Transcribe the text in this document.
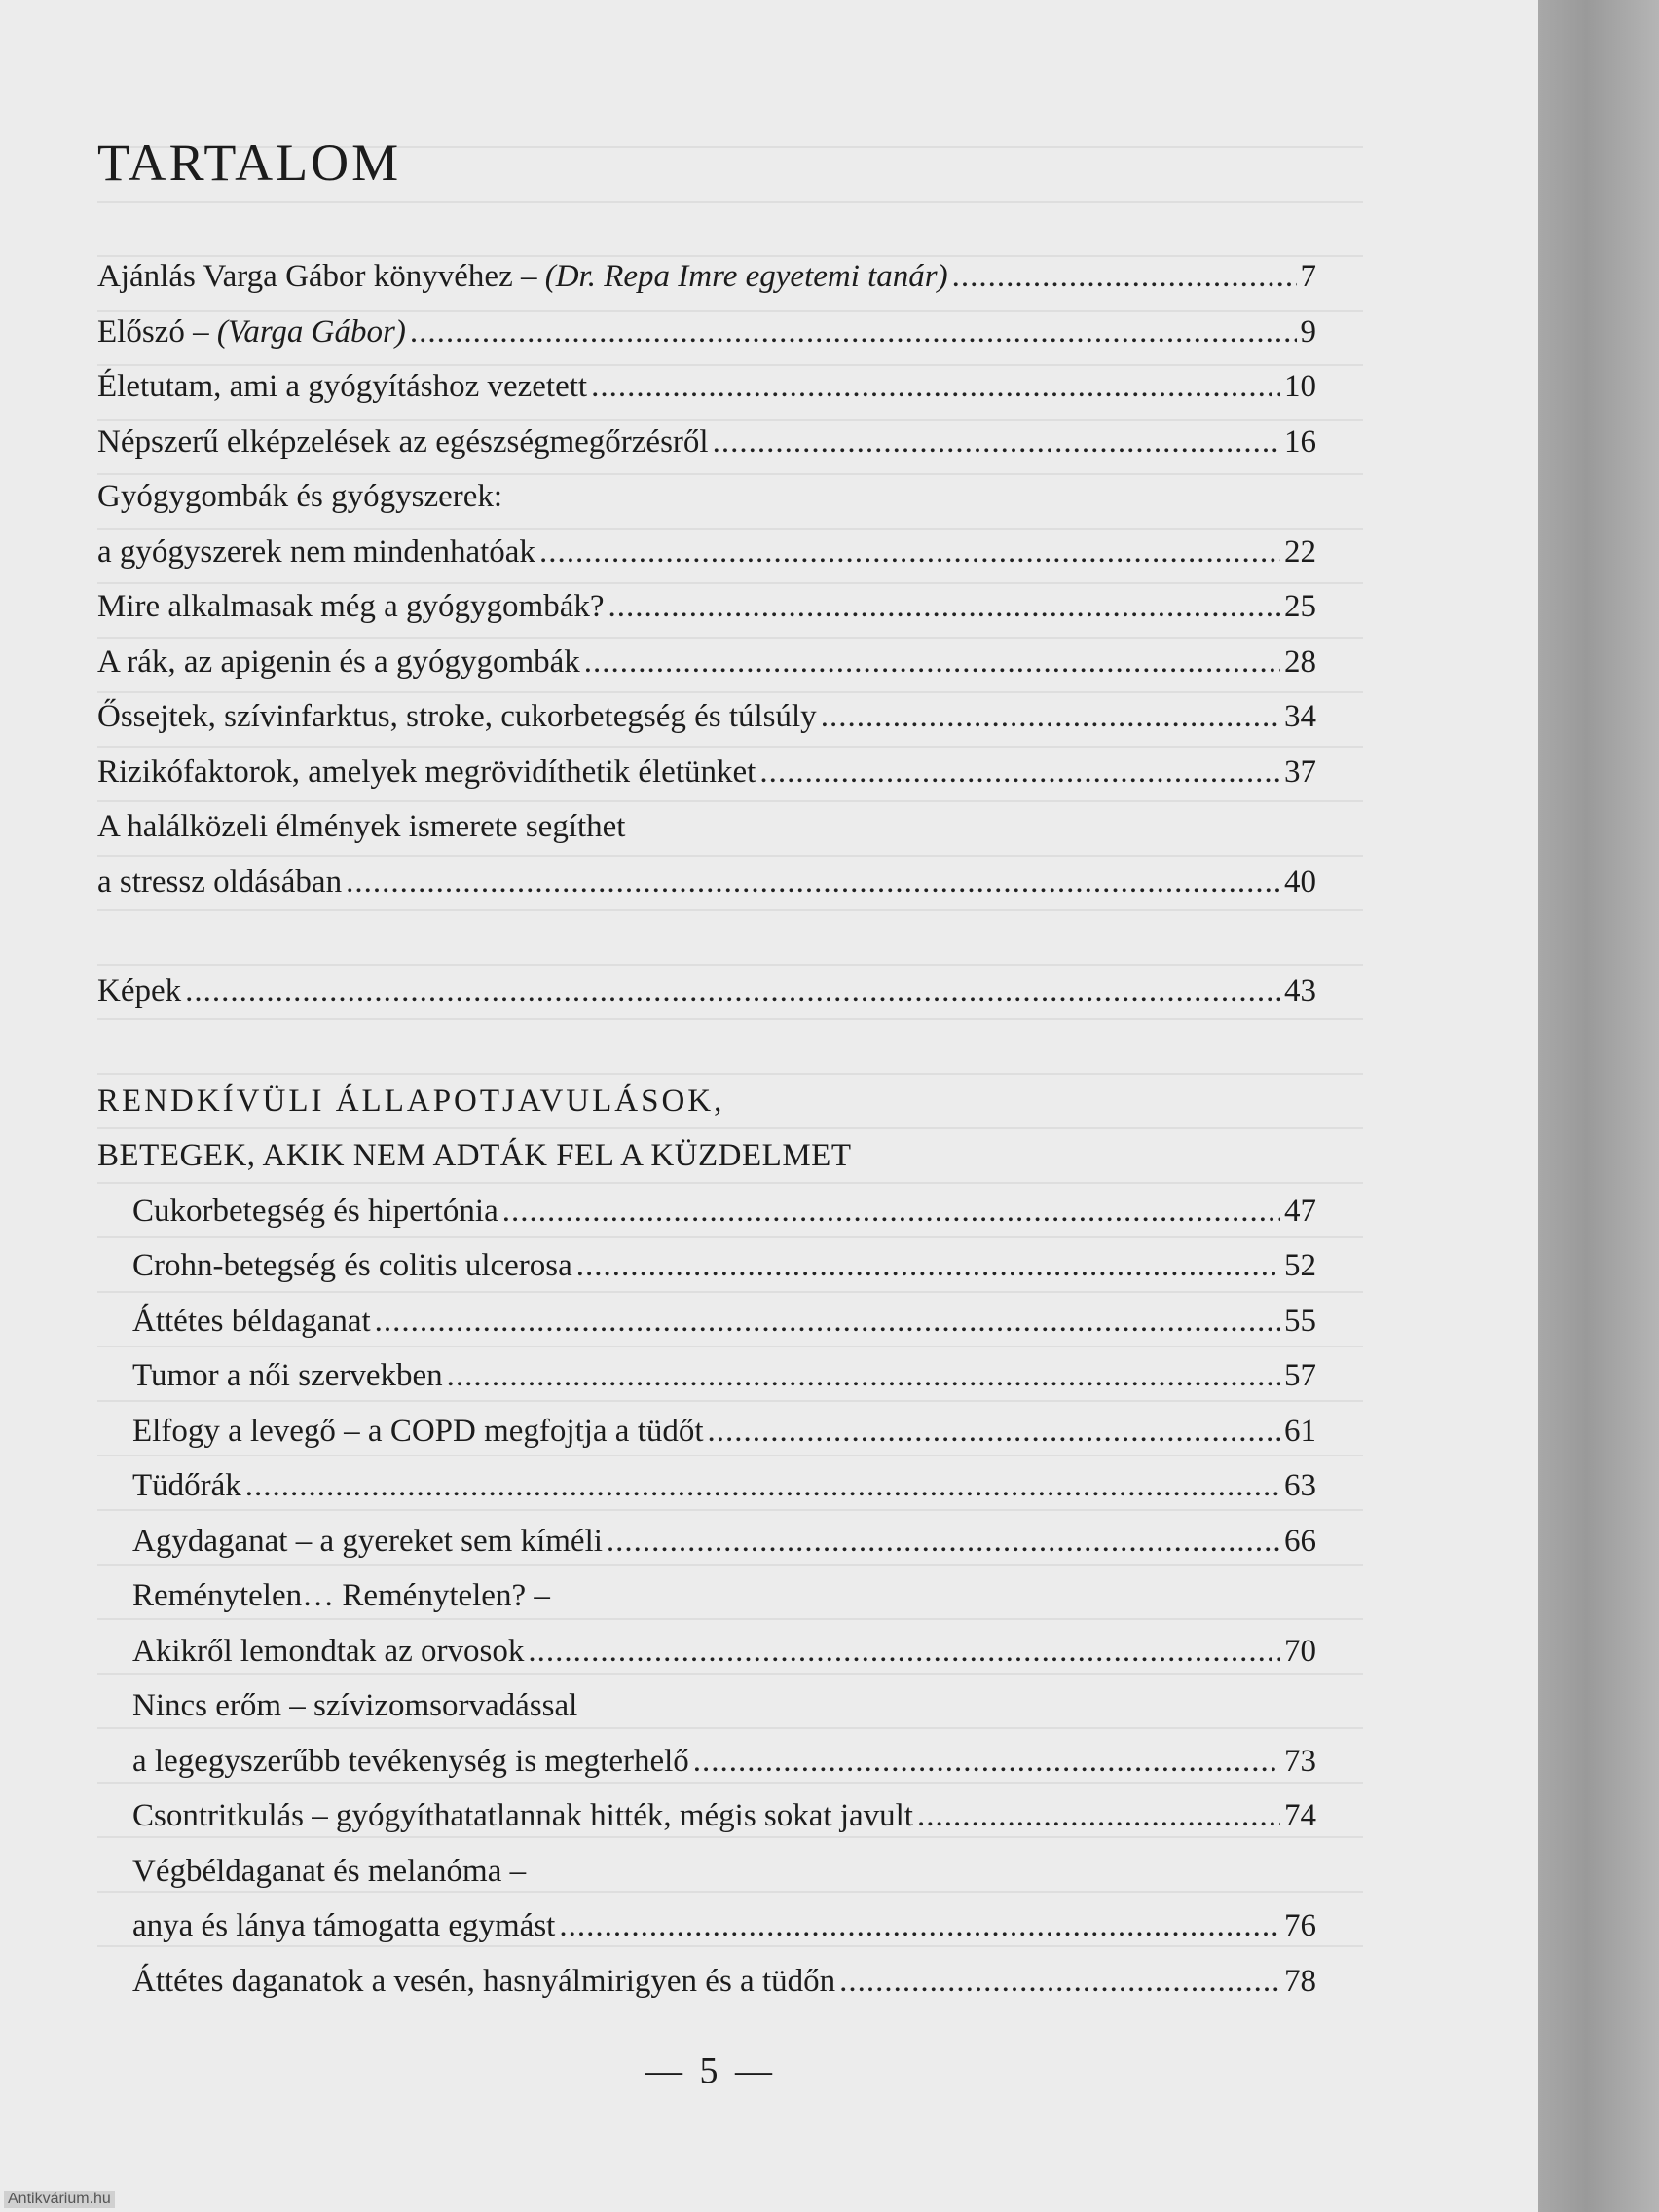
TARTALOM
Ajánlás Varga Gábor könyvéhez – (Dr. Repa Imre egyetemi tanár) .....	7
Előszó – (Varga Gábor) .....	9
Életutam, ami a gyógyításhoz vezetett .....	10
Népszerű elképzelések az egészségmegőrzésről .....	16
Gyógygombák és gyógyszerek:
a gyógyszerek nem mindenhatóak .....	22
Mire alkalmasak még a gyógygombák? .....	25
A rák, az apigenin és a gyógygombák .....	28
Őssejtek, szívinfarktus, stroke, cukorbetegség és túlsúly .....	34
Rizikófaktorok, amelyek megrövidíthetik életünket .....	37
A halálközeli élmények ismerete segíthet
a stressz oldásában .....	40
Képek .....	43
RENDKÍVÜLI ÁLLAPOTJAVULÁSOK,
BETEGEK, AKIK NEM ADTÁK FEL A KÜZDELMET
Cukorbetegség és hipertónia .....	47
Crohn-betegség és colitis ulcerosa .....	52
Áttétes béldaganat .....	55
Tumor a női szervekben .....	57
Elfogy a levegő – a COPD megfojtja a tüdőt .....	61
Tüdőrák .....	63
Agydaganat – a gyereket sem kíméli .....	66
Reménytelen… Reménytelen? –
Akikről lemondtak az orvosok .....	70
Nincs erőm – szívizomsorvadással
a legegyszerűbb tevékenység is megterhelő .....	73
Csontritkulás – gyógyíthatatlannak hitték, mégis sokat javult .....	74
Végbéldaganat és melanóma –
anya és lánya támogatta egymást .....	76
Áttétes daganatok a vesén, hasnyálmirigyen és a tüdőn .....	78
— 5 —
Antikvárium.hu
